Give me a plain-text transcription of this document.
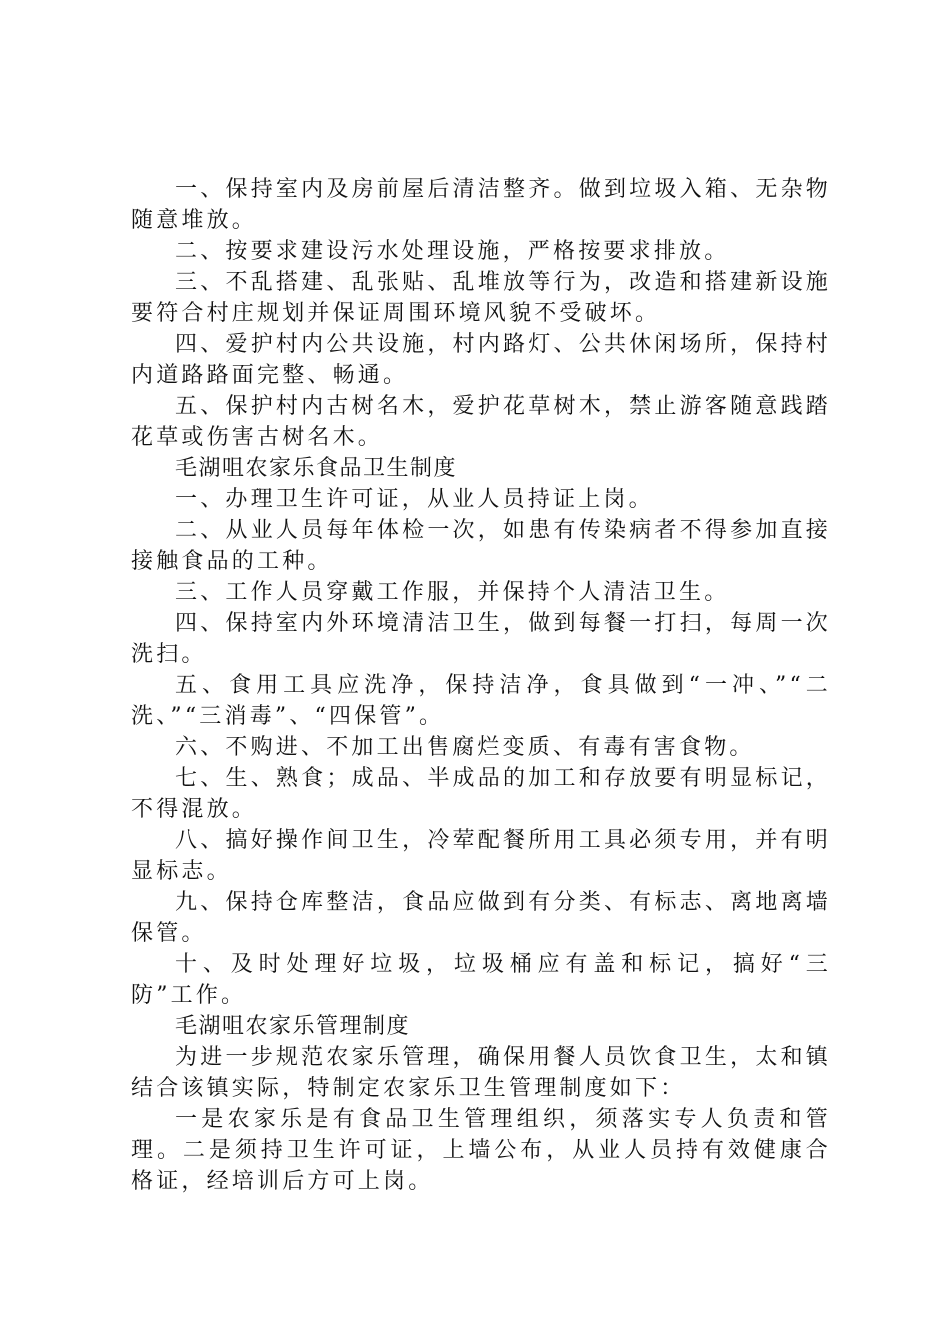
一、保持室内及房前屋后清洁整齐。做到垃圾入箱、无杂物随意堆放。

二、按要求建设污水处理设施，严格按要求排放。

三、不乱搭建、乱张贴、乱堆放等行为，改造和搭建新设施要符合村庄规划并保证周围环境风貌不受破坏。

四、爱护村内公共设施，村内路灯、公共休闲场所，保持村内道路路面完整、畅通。

五、保护村内古树名木，爱护花草树木，禁止游客随意践踏花草或伤害古树名木。

毛湖咀农家乐食品卫生制度

一、办理卫生许可证，从业人员持证上岗。

二、从业人员每年体检一次，如患有传染病者不得参加直接接触食品的工种。

三、工作人员穿戴工作服，并保持个人清洁卫生。

四、保持室内外环境清洁卫生，做到每餐一打扫，每周一次洗扫。

五、食用工具应洗净，保持洁净，食具做到“一冲、”“二洗、”“三消毒”、“四保管”。

六、不购进、不加工出售腐烂变质、有毒有害食物。

七、生、熟食；成品、半成品的加工和存放要有明显标记，不得混放。

八、搞好操作间卫生，冷荤配餐所用工具必须专用，并有明显标志。

九、保持仓库整洁，食品应做到有分类、有标志、离地离墙保管。

十、及时处理好垃圾，垃圾桶应有盖和标记，搞好“三防”工作。

毛湖咀农家乐管理制度

为进一步规范农家乐管理，确保用餐人员饮食卫生，太和镇结合该镇实际，特制定农家乐卫生管理制度如下：

一是农家乐是有食品卫生管理组织，须落实专人负责和管理。二是须持卫生许可证，上墙公布，从业人员持有效健康合格证，经培训后方可上岗。
